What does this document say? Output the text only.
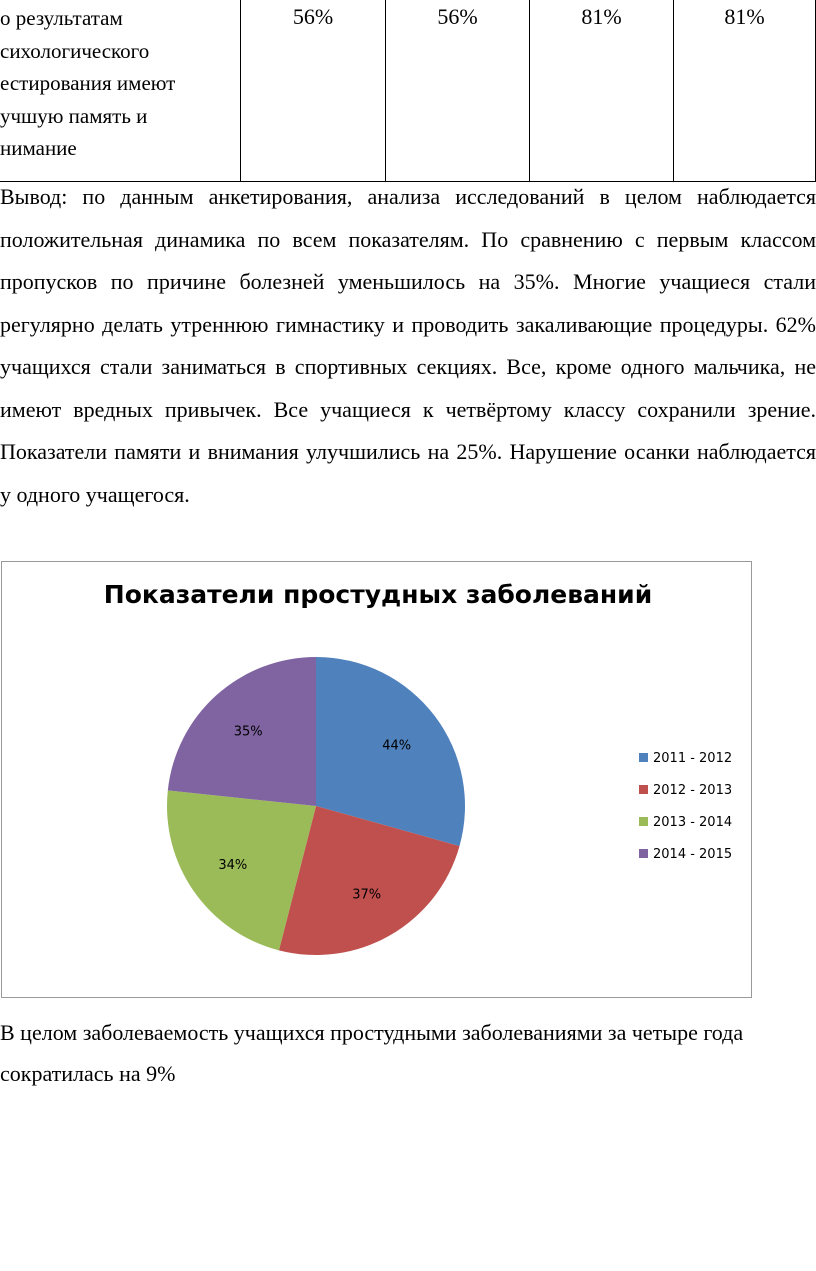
о результатам
сихологического
естирования имеют
учшую память и
нимание

56%	56%	81%	81%

Вывод: по данным анкетирования, анализа исследований в целом наблюдается положительная динамика по всем показателям. По сравнению с первым классом пропусков по причине болезней уменьшилось на 35%. Многие учащиеся стали регулярно делать утреннюю гимнастику и проводить закаливающие процедуры. 62% учащихся стали заниматься в спортивных секциях. Все, кроме одного мальчика, не имеют вредных привычек. Все учащиеся к четвёртому классу сохранили зрение. Показатели памяти и внимания улучшились на 25%. Нарушение осанки наблюдается у одного учащегося.

Показатели простудных заболеваний
44%
37%
34%
35%
2011 - 2012
2012 - 2013
2013 - 2014
2014 - 2015

В целом заболеваемость учащихся простудными заболеваниями за четыре года сократилась на 9%
